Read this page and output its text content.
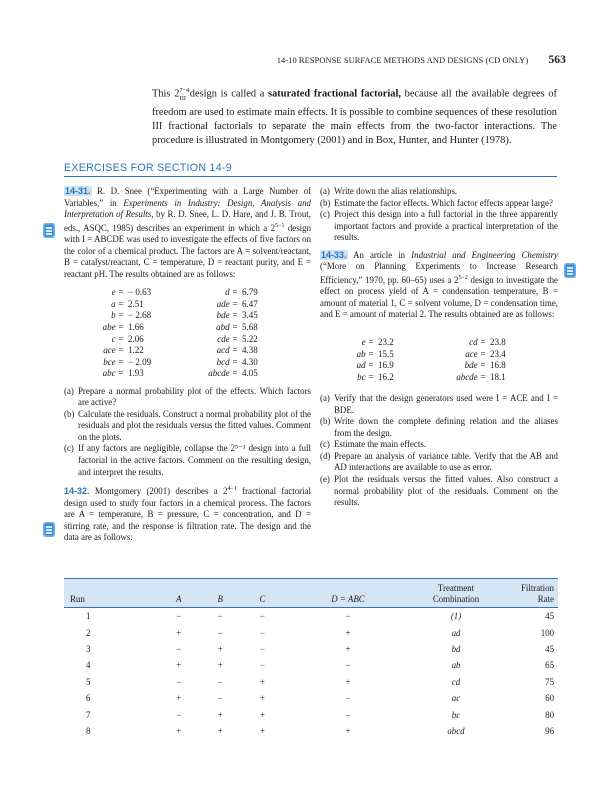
14-10 RESPONSE SURFACE METHODS AND DESIGNS (CD ONLY) 563
This $2^{7-4}_{III}$ design is called a saturated fractional factorial, because all the available degrees of freedom are used to estimate main effects. It is possible to combine sequences of these resolution III fractional factorials to separate the main effects from the two-factor interactions. The procedure is illustrated in Montgomery (2001) and in Box, Hunter, and Hunter (1978).
EXERCISES FOR SECTION 14-9
14-31. R. D. Snee (“Experimenting with a Large Number of Variables,” in Experiments in Industry: Design, Analysis and Interpretation of Results, by R. D. Snee, L. D. Hare, and J. B. Trout, eds., ASQC, 1985) describes an experiment in which a $2^{5-1}$ design with I = ABCDE was used to investigate the effects of five factors on the color of a chemical product. The factors are A = solvent/reactant, B = catalyst/reactant, C = temperature, D = reactant purity, and E = reactant pH. The results obtained are as follows:
e = − 0.63	d = 6.79
a = 2.51	ade = 6.47
b = − 2.68	bde = 3.45
abe = 1.66	abd = 5.68
c = 2.06	cde = 5.22
ace = 1.22	acd = 4.38
bce = − 2.09	bcd = 4.30
abc = 1.93	abcde = 4.05
(a) Prepare a normal probability plot of the effects. Which factors are active?
(b) Calculate the residuals. Construct a normal probability plot of the residuals and plot the residuals versus the fitted values. Comment on the plots.
(c) If any factors are negligible, collapse the 2⁵⁻¹ design into a full factorial in the active factors. Comment on the resulting design, and interpret the results.
14-32. Montgomery (2001) describes a $2^{4-1}$ fractional factorial design used to study four factors in a chemical process. The factors are A = temperature, B = pressure, C = concentration, and D = stirring rate, and the response is filtration rate. The design and the data are as follows:
(a) Write down the alias relationships.
(b) Estimate the factor effects. Which factor effects appear large?
(c) Project this design into a full factorial in the three apparently important factors and provide a practical interpretation of the results.
14-33. An article in Industrial and Engineering Chemistry (“More on Planning Experiments to Increase Research Efficiency,” 1970, pp. 60–65) uses a $2^{5-2}$ design to investigate the effect on process yield of A = condensation temperature, B = amount of material 1, C = solvent volume, D = condensation time, and E = amount of material 2. The results obtained are as follows:
e = 23.2	cd = 23.8
ab = 15.5	ace = 23.4
ad = 16.9	bde = 16.8
bc = 16.2	abcde = 18.1
(a) Verify that the design generators used were I = ACE and I = BDE.
(b) Write down the complete defining relation and the aliases from the design.
(c) Estimate the main effects.
(d) Prepare an analysis of variance table. Verify that the AB and AD interactions are available to use as error.
(e) Plot the residuals versus the fitted values. Also construct a normal probability plot of the residuals. Comment on the results.
Run	A	B	C	D = ABC	Treatment Combination	Filtration Rate
1	−	−	−	−	(1)	45
2	+	−	−	+	ad	100
3	−	+	−	+	bd	45
4	+	+	−	−	ab	65
5	−	−	+	+	cd	75
6	+	−	+	−	ac	60
7	−	+	+	−	bc	80
8	+	+	+	+	abcd	96
